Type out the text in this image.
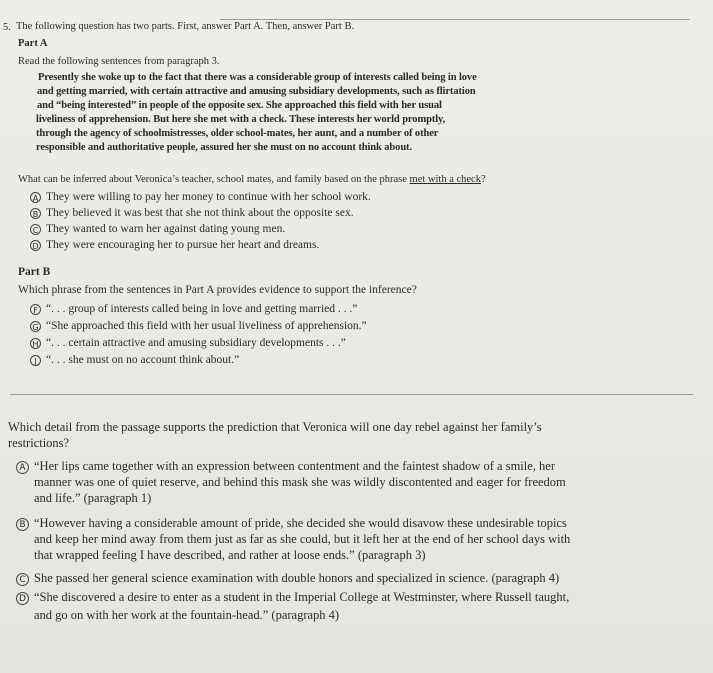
5. The following question has two parts. First, answer Part A. Then, answer Part B.
Part A
Read the following sentences from paragraph 3.
Presently she woke up to the fact that there was a considerable group of interests called being in love
and getting married, with certain attractive and amusing subsidiary developments, such as flirtation
and “being interested” in people of the opposite sex. She approached this field with her usual
liveliness of apprehension. But here she met with a check. These interests her world promptly,
through the agency of schoolmistresses, older school-mates, her aunt, and a number of other
responsible and authoritative people, assured her she must on no account think about.
What can be inferred about Veronica’s teacher, school mates, and family based on the phrase met with a check?
A They were willing to pay her money to continue with her school work.
B They believed it was best that she not think about the opposite sex.
C They wanted to warn her against dating young men.
D They were encouraging her to pursue her heart and dreams.
Part B
Which phrase from the sentences in Part A provides evidence to support the inference?
F “. . . group of interests called being in love and getting married . . .”
G “She approached this field with her usual liveliness of apprehension.”
H “. . . certain attractive and amusing subsidiary developments . . .”
J “. . . she must on no account think about.”
Which detail from the passage supports the prediction that Veronica will one day rebel against her family’s
restrictions?
A “Her lips came together with an expression between contentment and the faintest shadow of a smile, her
manner was one of quiet reserve, and behind this mask she was wildly discontented and eager for freedom
and life.” (paragraph 1)
B “However having a considerable amount of pride, she decided she would disavow these undesirable topics
and keep her mind away from them just as far as she could, but it left her at the end of her school days with
that wrapped feeling I have described, and rather at loose ends.” (paragraph 3)
C She passed her general science examination with double honors and specialized in science. (paragraph 4)
D “She discovered a desire to enter as a student in the Imperial College at Westminster, where Russell taught,
and go on with her work at the fountain-head.” (paragraph 4)
